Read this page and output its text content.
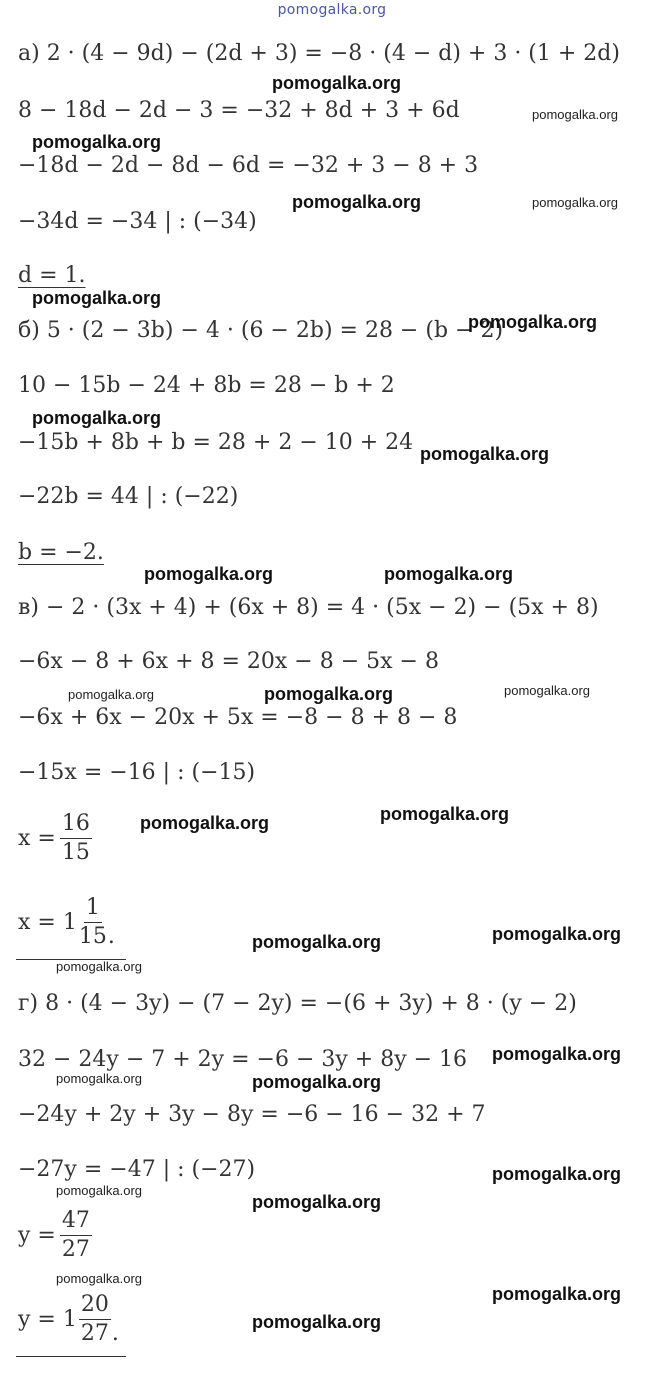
pomogalka.org
а) 2 · (4 − 9d) − (2d + 3) = −8 · (4 − d) + 3 · (1 + 2d)
8 − 18d − 2d − 3 = −32 + 8d + 3 + 6d
−18d − 2d − 8d − 6d = −32 + 3 − 8 + 3
−34d = −34 | : (−34)
d = 1.
б) 5 · (2 − 3b) − 4 · (6 − 2b) = 28 − (b − 2)
10 − 15b − 24 + 8b = 28 − b + 2
−15b + 8b + b = 28 + 2 − 10 + 24
−22b = 44 | : (−22)
b = −2.
в) − 2 · (3x + 4) + (6x + 8) = 4 · (5x − 2) − (5x + 8)
−6x − 8 + 6x + 8 = 20x − 8 − 5x − 8
−6x + 6x − 20x + 5x = −8 − 8 + 8 − 8
−15x = −16 | : (−15)
$x = \frac{16}{15}$
$x = 1 \frac{1}{15}$ .
г) 8 · (4 − 3y) − (7 − 2y) = −(6 + 3y) + 8 · (y − 2)
32 − 24y − 7 + 2y = −6 − 3y + 8y − 16
−24y + 2y + 3y − 8y = −6 − 16 − 32 + 7
−27y = −47 | : (−27)
$y = \frac{47}{27}$
$y = 1 \frac{20}{27}$ .
pomogalka.org
pomogalka.org
pomogalka.org
pomogalka.org	pomogalka.org
pomogalka.org
pomogalka.org
pomogalka.org
pomogalka.org
pomogalka.org	pomogalka.org
pomogalka.org	pomogalka.org	pomogalka.org
pomogalka.org
pomogalka.org
pomogalka.org
pomogalka.org
pomogalka.org
pomogalka.org
pomogalka.org	pomogalka.org
pomogalka.org
pomogalka.org
pomogalka.org
pomogalka.org
pomogalka.org
pomogalka.org
